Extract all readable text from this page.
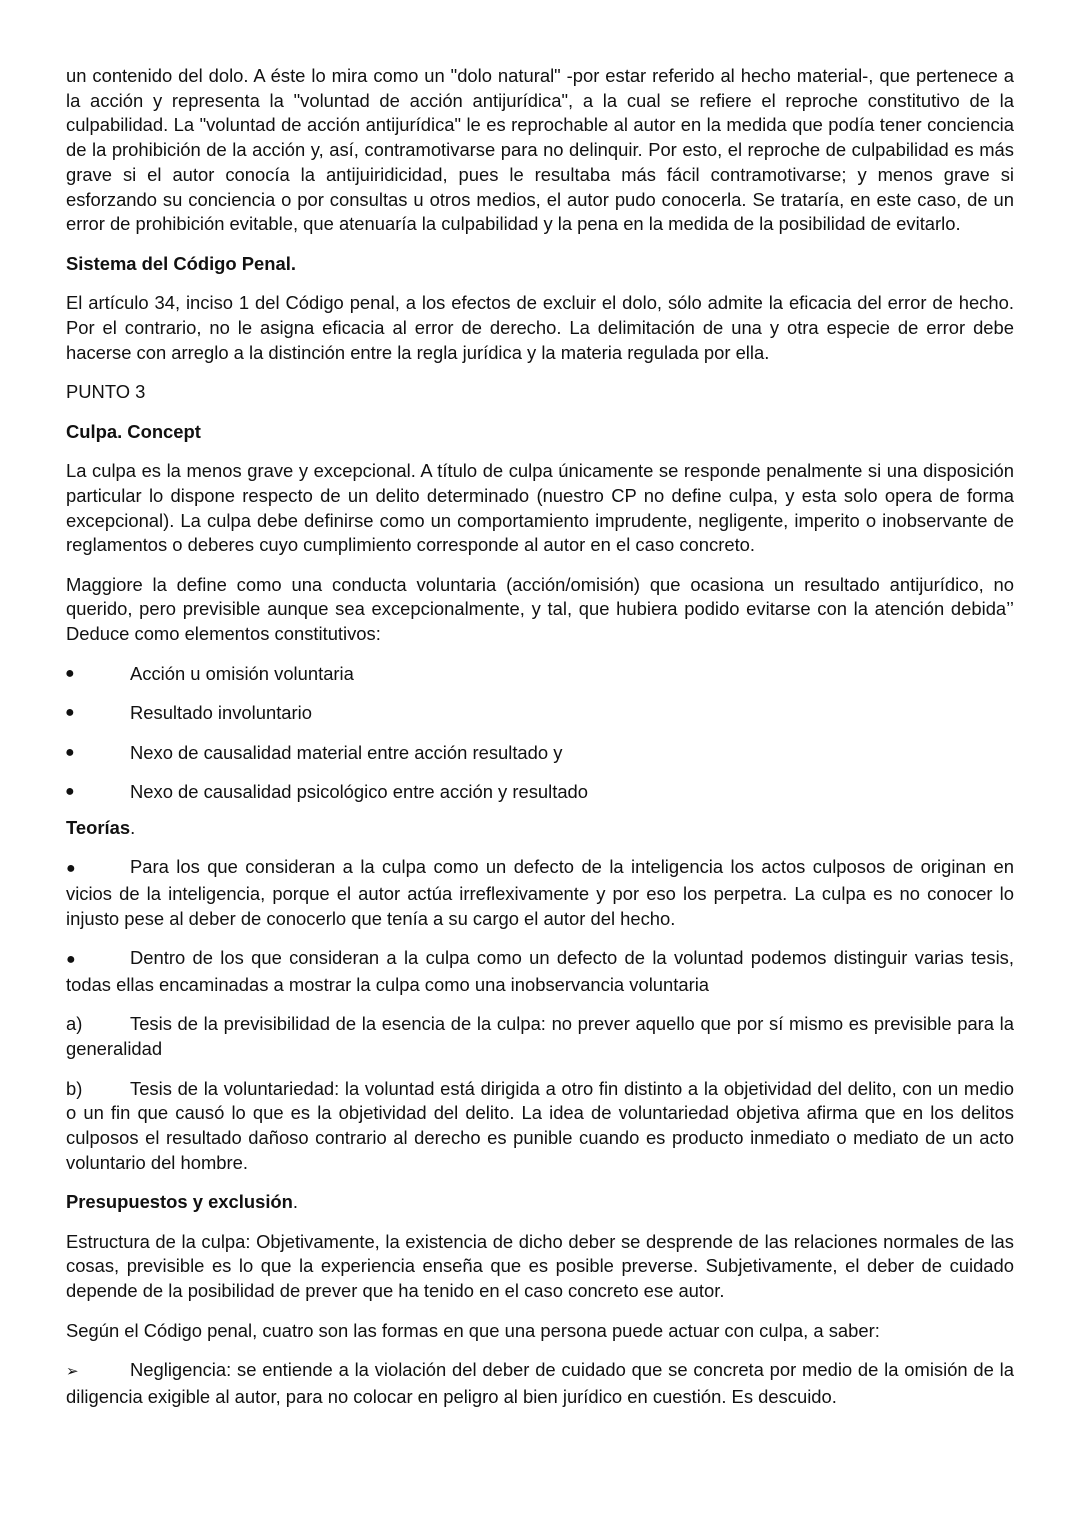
un contenido del dolo. A éste lo mira como un "dolo natural" -por estar referido al hecho material-, que pertenece a la acción y representa la "voluntad de acción antijurídica", a la cual se refiere el reproche constitutivo de la culpabilidad. La "voluntad de acción antijurídica" le es reprochable al autor en la medida que podía tener conciencia de la prohibición de la acción y, así, contramotivarse para no delinquir. Por esto, el reproche de culpabilidad es más grave si el autor conocía la antijuiridicidad, pues le resultaba más fácil contramotivarse; y menos grave si esforzando su conciencia o por consultas u otros medios, el autor pudo conocerla. Se trataría, en este caso, de un error de prohibición evitable, que atenuaría la culpabilidad y la pena en la medida de la posibilidad de evitarlo.

Sistema del Código Penal.

El artículo 34, inciso 1 del Código penal, a los efectos de excluir el dolo, sólo admite la eficacia del error de hecho. Por el contrario, no le asigna eficacia al error de derecho. La delimitación de una y otra especie de error debe hacerse con arreglo a la distinción entre la regla jurídica y la materia regulada por ella.

PUNTO 3

Culpa. Concept

La culpa es la menos grave y excepcional. A título de culpa únicamente se responde penalmente si una disposición particular lo dispone respecto de un delito determinado (nuestro CP no define culpa, y esta solo opera de forma excepcional). La culpa debe definirse como un comportamiento imprudente, negligente, imperito o inobservante de reglamentos o deberes cuyo cumplimiento corresponde al autor en el caso concreto.

Maggiore la define como una conducta voluntaria (acción/omisión) que ocasiona un resultado antijurídico, no querido, pero previsible aunque sea excepcionalmente, y tal, que hubiera podido evitarse con la atención debida’’ Deduce como elementos constitutivos:

●	Acción u omisión voluntaria
●	Resultado involuntario
●	Nexo de causalidad material entre acción resultado y
●	Nexo de causalidad psicológico entre acción y resultado

Teorías.

●	Para los que consideran a la culpa como un defecto de la inteligencia los actos culposos de originan en vicios de la inteligencia, porque el autor actúa irreflexivamente y por eso los perpetra. La culpa es no conocer lo injusto pese al deber de conocerlo que tenía a su cargo el autor del hecho.

●	Dentro de los que consideran a la culpa como un defecto de la voluntad podemos distinguir varias tesis, todas ellas encaminadas a mostrar la culpa como una inobservancia voluntaria

a)	Tesis de la previsibilidad de la esencia de la culpa: no prever aquello que por sí mismo es previsible para la generalidad

b)	Tesis de la voluntariedad: la voluntad está dirigida a otro fin distinto a la objetividad del delito, con un medio o un fin que causó lo que es la objetividad del delito. La idea de voluntariedad objetiva afirma que en los delitos culposos el resultado dañoso contrario al derecho es punible cuando es producto inmediato o mediato de un acto voluntario del hombre.

Presupuestos y exclusión.

Estructura de la culpa: Objetivamente, la existencia de dicho deber se desprende de las relaciones normales de las cosas, previsible es lo que la experiencia enseña que es posible preverse. Subjetivamente, el deber de cuidado depende de la posibilidad de prever que ha tenido en el caso concreto ese autor.

Según el Código penal, cuatro son las formas en que una persona puede actuar con culpa, a saber:

➢	Negligencia: se entiende a la violación del deber de cuidado que se concreta por medio de la omisión de la diligencia exigible al autor, para no colocar en peligro al bien jurídico en cuestión. Es descuido.
